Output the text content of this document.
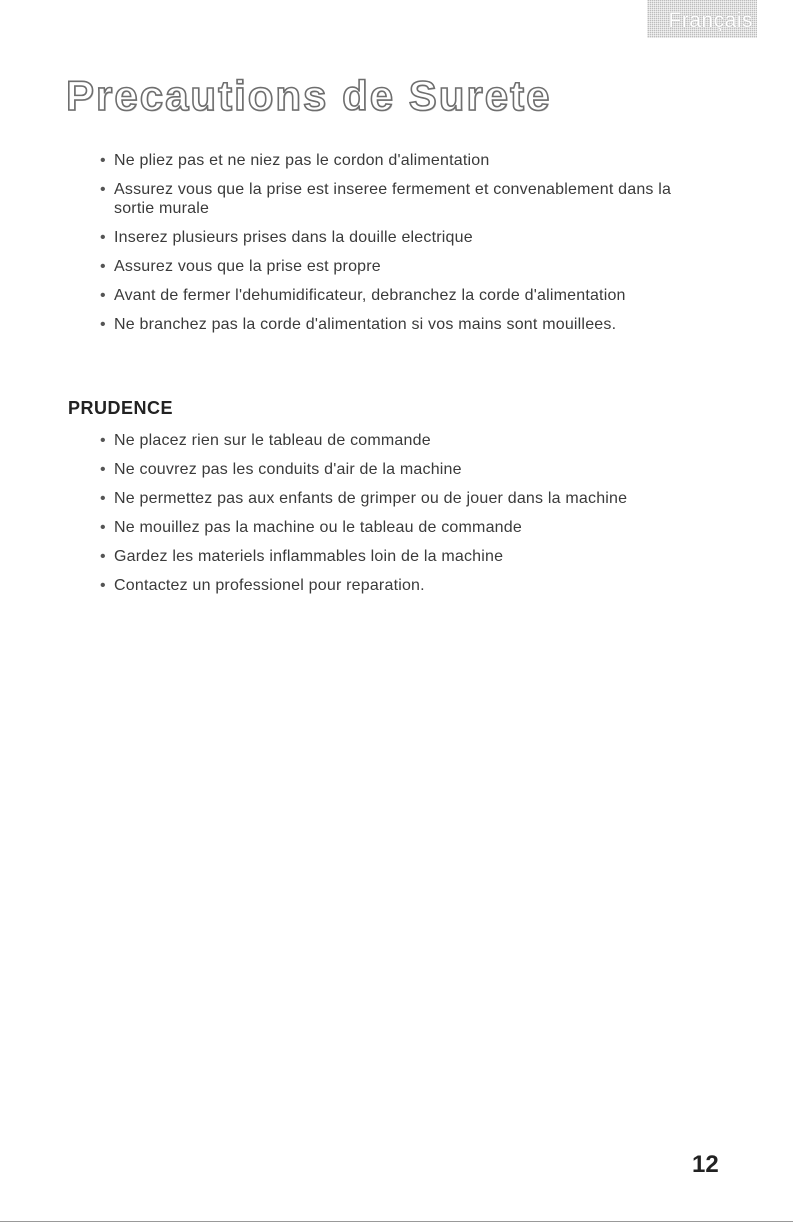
Français
Precautions de Surete
• Ne pliez pas et ne niez pas le cordon d'alimentation
• Assurez vous que la prise est inseree fermement et convenablement dans la sortie murale
• Inserez plusieurs prises dans la douille electrique
• Assurez vous que la prise est propre
• Avant de fermer l'dehumidificateur, debranchez la corde d'alimentation
• Ne branchez pas la corde d'alimentation si vos mains sont mouillees.
PRUDENCE
• Ne placez rien sur le tableau de commande
• Ne couvrez pas les conduits d'air de la machine
• Ne permettez pas aux enfants de grimper ou de jouer dans la machine
• Ne mouillez pas la machine ou le tableau de commande
• Gardez les materiels inflammables loin de la machine
• Contactez un professionel pour reparation.
12
